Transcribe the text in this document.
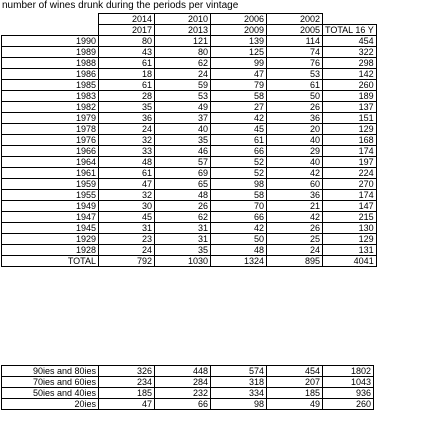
number of wines drunk during the periods per vintage
	2014	2010	2006	2002	
	2017	2013	2009	2005	TOTAL 16 Y
1990	80	121	139	114	454
1989	43	80	125	74	322
1988	61	62	99	76	298
1986	18	24	47	53	142
1985	61	59	79	61	260
1983	28	53	58	50	189
1982	35	49	27	26	137
1979	36	37	42	36	151
1978	24	40	45	20	129
1976	32	35	61	40	168
1966	33	46	66	29	174
1964	48	57	52	40	197
1961	61	69	52	42	224
1959	47	65	98	60	270
1955	32	48	58	36	174
1949	30	26	70	21	147
1947	45	62	66	42	215
1945	31	31	42	26	130
1929	23	31	50	25	129
1928	24	35	48	24	131
TOTAL	792	1030	1324	895	4041
90ies and 80ies	326	448	574	454	1802
70ies and 60ies	234	284	318	207	1043
50ies and 40ies	185	232	334	185	936
20ies	47	66	98	49	260
